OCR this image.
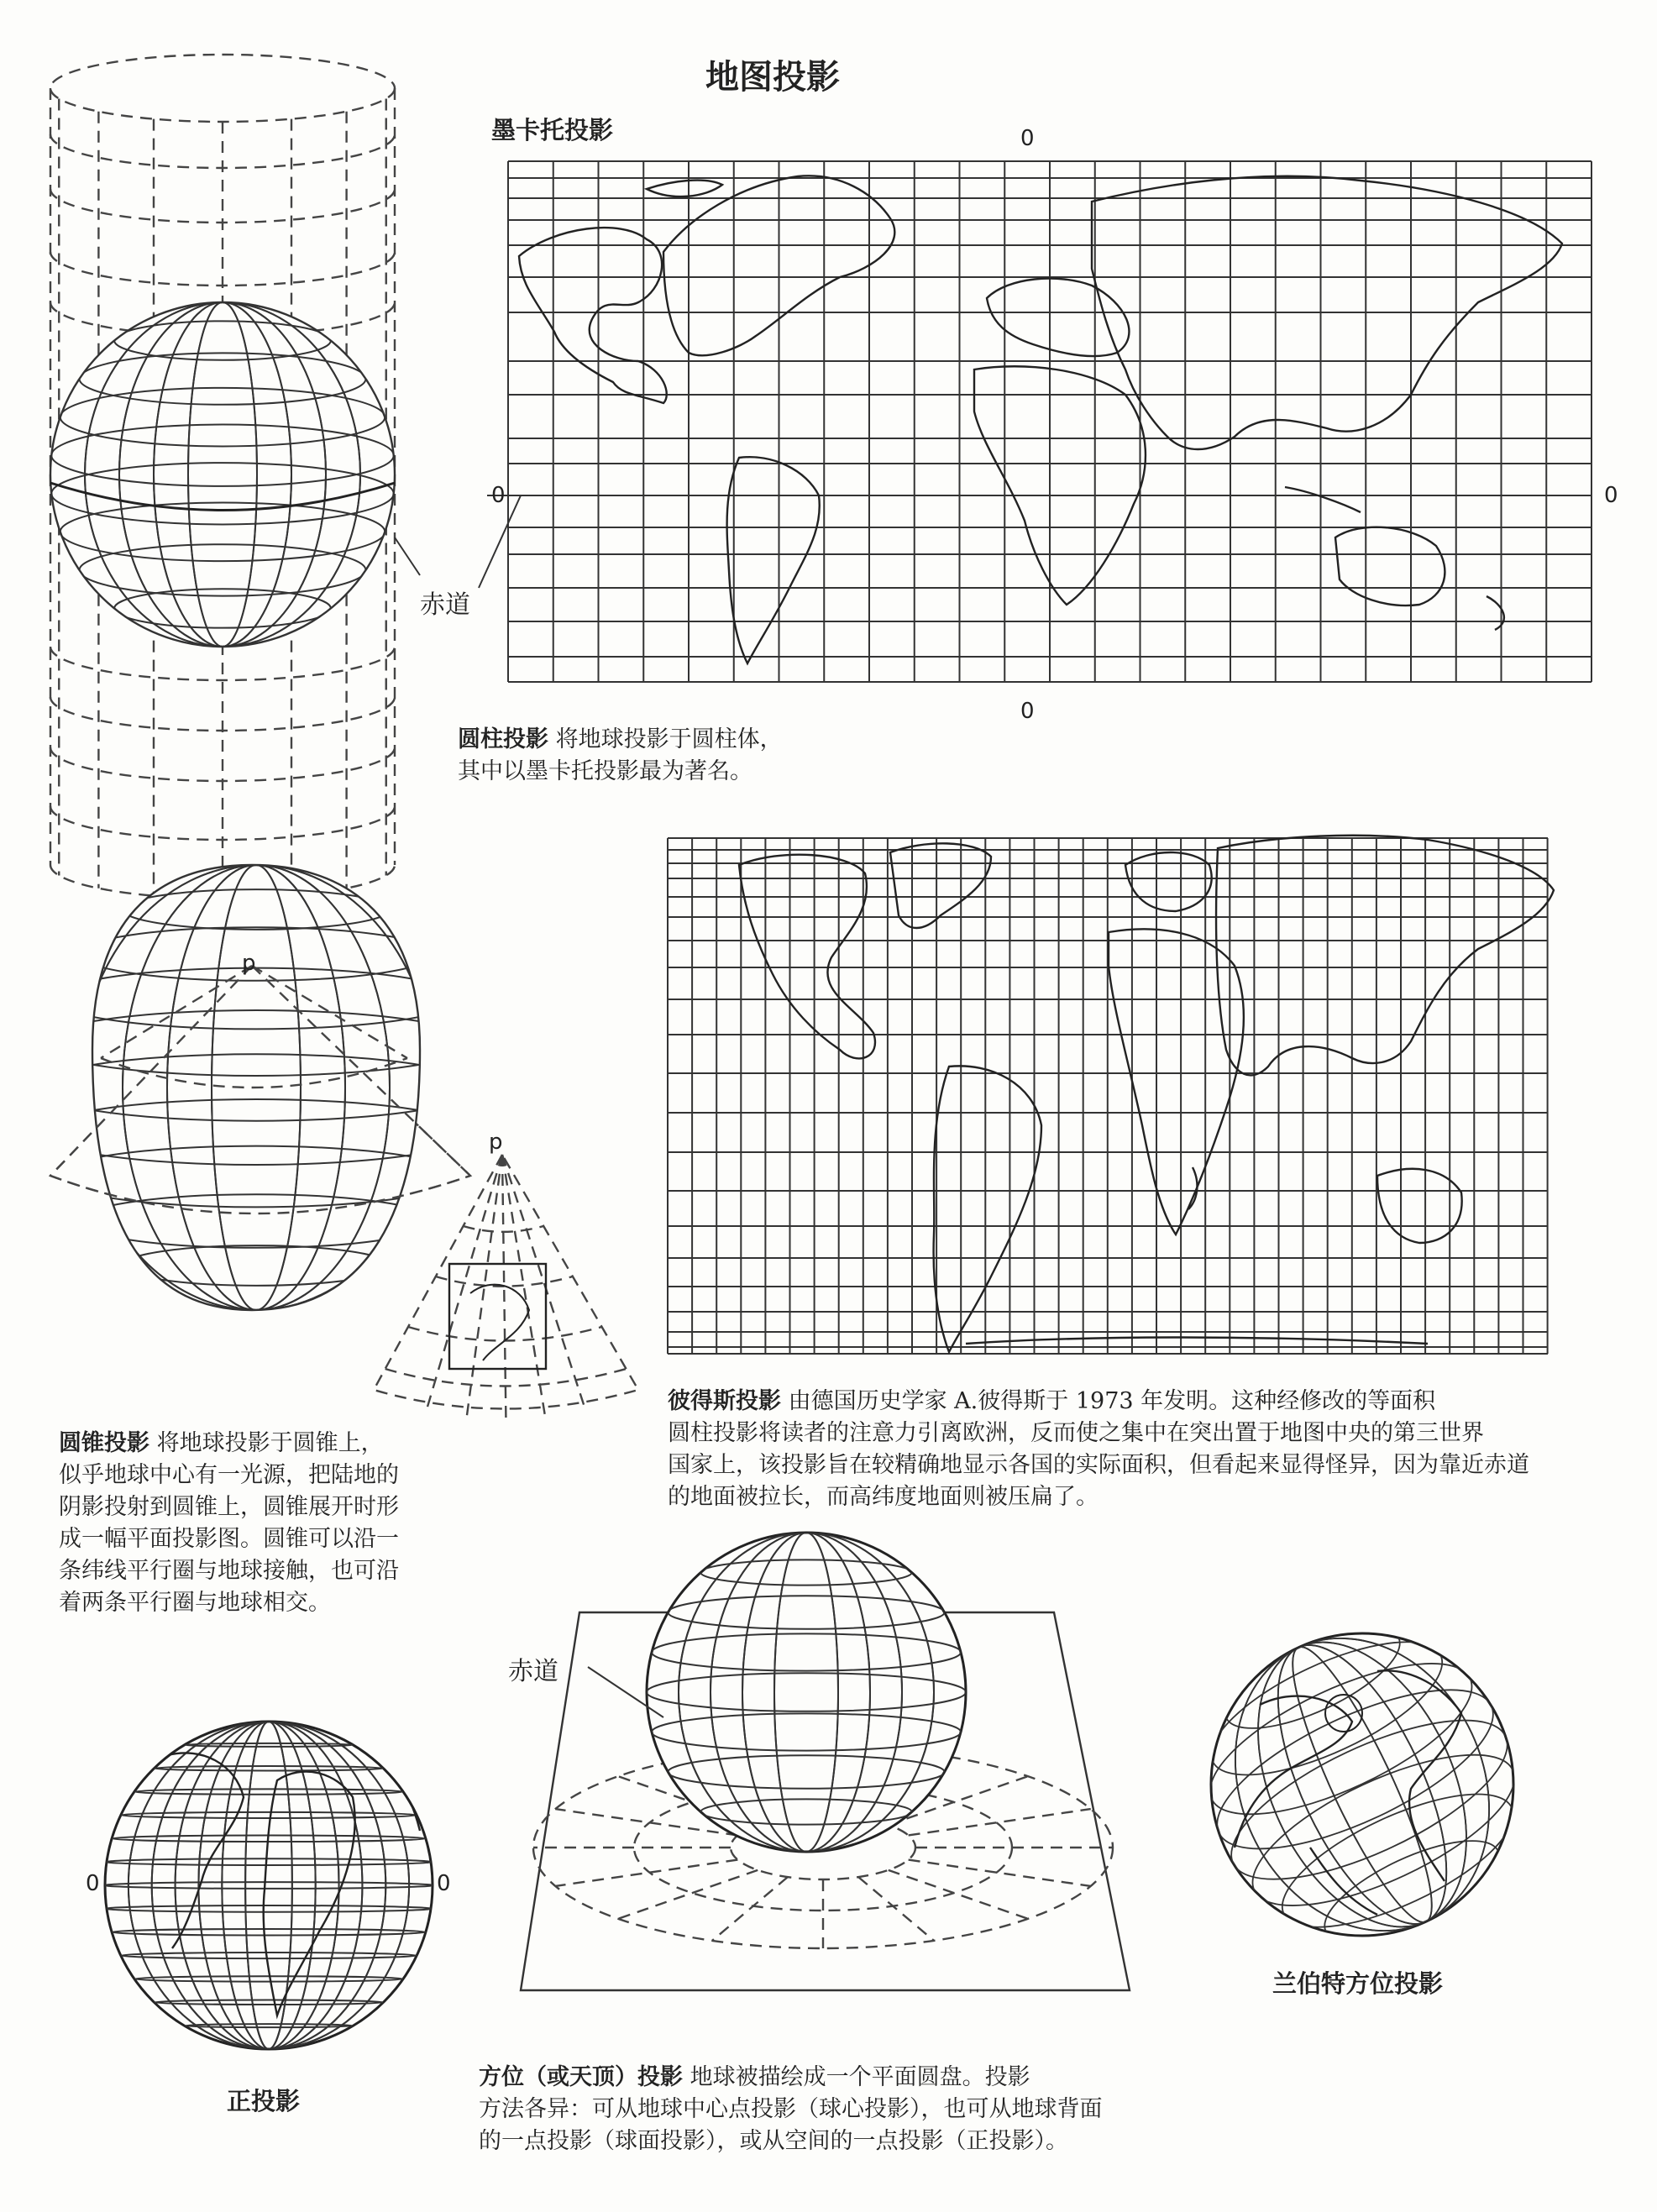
地图投影
墨卡托投影	0
0
0	0
赤道
圆柱投影 将地球投影于圆柱体，
其中以墨卡托投影最为著名。
p
p
彼得斯投影 由德国历史学家 A.彼得斯于 1973 年发明。这种经修改的等面积
圆柱投影将读者的注意力引离欧洲，反而使之集中在突出置于地图中央的第三世界
国家上，该投影旨在较精确地显示各国的实际面积，但看起来显得怪异，因为靠近赤道
的地面被拉长，而高纬度地面则被压扁了。
圆锥投影 将地球投影于圆锥上，
似乎地球中心有一光源，把陆地的
阴影投射到圆锥上，圆锥展开时形
成一幅平面投影图。圆锥可以沿一
条纬线平行圈与地球接触，也可沿
着两条平行圈与地球相交。
赤道
0	0
正投影
方位（或天顶）投影 地球被描绘成一个平面圆盘。投影
方法各异：可从地球中心点投影（球心投影），也可从地球背面
的一点投影（球面投影），或从空间的一点投影（正投影）。
兰伯特方位投影
